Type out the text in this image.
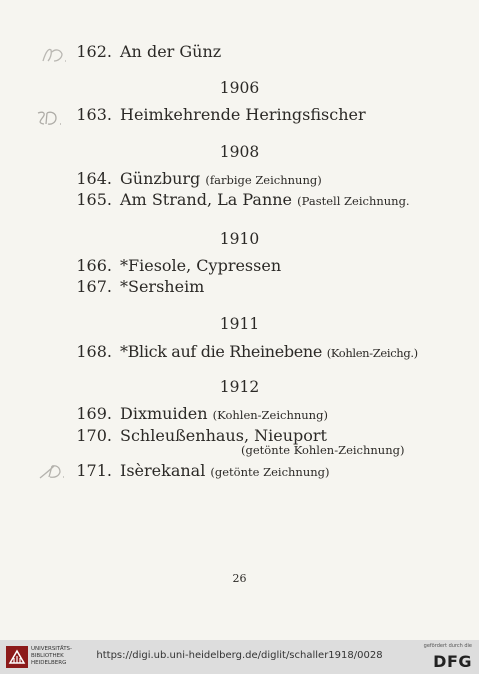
162. An der Günz
1906
163. Heimkehrende Heringsfischer
1908
164. Günzburg (farbige Zeichnung)
165. Am Strand, La Panne (Pastell Zeichnung.
1910
166. *Fiesole, Cypressen
167. *Sersheim
1911
168. *Blick auf die Rheinebene (Kohlen-Zeichg.)
1912
169. Dixmuiden (Kohlen-Zeichnung)
170. Schleußenhaus, Nieuport
(getönte Kohlen-Zeichnung)
171. Isèrekanal (getönte Zeichnung)
26
UNIVERSITÄTS-
BIBLIOTHEK
HEIDELBERG
https://digi.ub.uni-heidelberg.de/diglit/schaller1918/0028
gefördert durch die
DFG
